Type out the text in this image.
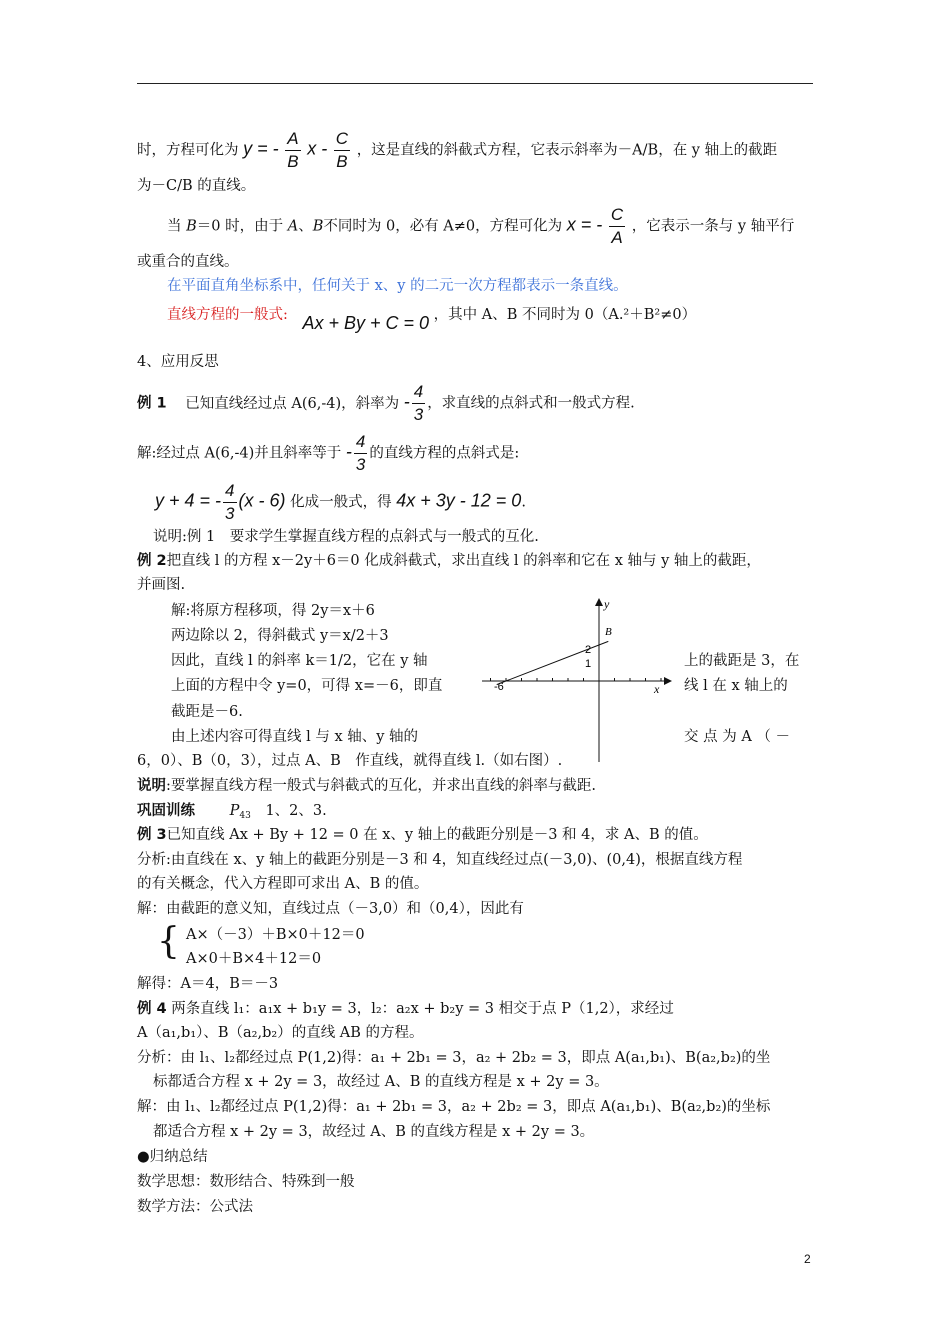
时，方程可化为 y = - $\frac{A}{B}$ x - $\frac{C}{B}$ ，这是直线的斜截式方程，它表示斜率为－A/B，在 y 轴上的截距
为－C/B 的直线。
当 B＝0 时，由于 A、B不同时为 0，必有 A≠0，方程可化为 x = - $\frac{C}{A}$ ，它表示一条与 y 轴平行
或重合的直线。
在平面直角坐标系中，任何关于 x、y 的二元一次方程都表示一条直线。
直线方程的一般式: Ax + By + C = 0 ，其中 A、B 不同时为 0（A.²＋B²≠0）
4、应用反思
例 1 已知直线经过点 A(6,-4)，斜率为 - $\frac{4}{3}$ ，求直线的点斜式和一般式方程.
解:经过点 A(6,-4)并且斜率等于 - $\frac{4}{3}$ 的直线方程的点斜式是:
y + 4 = - $\frac{4}{3} (x - 6)$ 化成一般式，得 4x + 3y - 12 = 0.
说明:例 1　要求学生掌握直线方程的点斜式与一般式的互化.
例 2把直线 l 的方程 x－2y＋6＝0 化成斜截式，求出直线 l 的斜率和它在 x 轴与 y 轴上的截距，
并画图.
解:将原方程移项，得 2y＝x＋6
两边除以 2，得斜截式 y＝x/2＋3
因此，直线 l 的斜率 k＝1/2，它在 y 轴	上的截距是 3，在
上面的方程中令 y=0，可得 x=－6，即直	线 l 在 x 轴上的
截距是－6.
由上述内容可得直线 l 与 x 轴、y 轴的	交 点 为 A （ －
6，0）、B（0，3），过点 A、B　作直线，就得直线 l.（如右图）.
说明:要掌握直线方程一般式与斜截式的互化，并求出直线的斜率与截距.
y
x
B
2
1
-6
巩固训练 $P_{43}$ 1、2、3.
例 3已知直线 Ax + By + 12 = 0 在 x、y 轴上的截距分别是－3 和 4，求 A、B 的值。
分析:由直线在 x、y 轴上的截距分别是－3 和 4，知直线经过点(－3,0)、(0,4)，根据直线方程
的有关概念，代入方程即可求出 A、B 的值。
解：由截距的意义知，直线过点（－3,0）和（0,4），因此有
{ A×（－3）＋B×0＋12＝0
A×0＋B×4＋12＝0
解得：A＝4，B＝－3
例 4 两条直线 l₁：a₁x + b₁y = 3，l₂：a₂x + b₂y = 3 相交于点 P（1,2），求经过
A（a₁,b₁）、B（a₂,b₂）的直线 AB 的方程。
分析：由 l₁、l₂都经过点 P(1,2)得：a₁ + 2b₁ = 3，a₂ + 2b₂ = 3，即点 A(a₁,b₁)、B(a₂,b₂)的坐
标都适合方程 x + 2y = 3，故经过 A、B 的直线方程是 x + 2y = 3。
解：由 l₁、l₂都经过点 P(1,2)得：a₁ + 2b₁ = 3，a₂ + 2b₂ = 3，即点 A(a₁,b₁)、B(a₂,b₂)的坐标
都适合方程 x + 2y = 3，故经过 A、B 的直线方程是 x + 2y = 3。
●归纳总结
数学思想：数形结合、特殊到一般
数学方法：公式法
2
